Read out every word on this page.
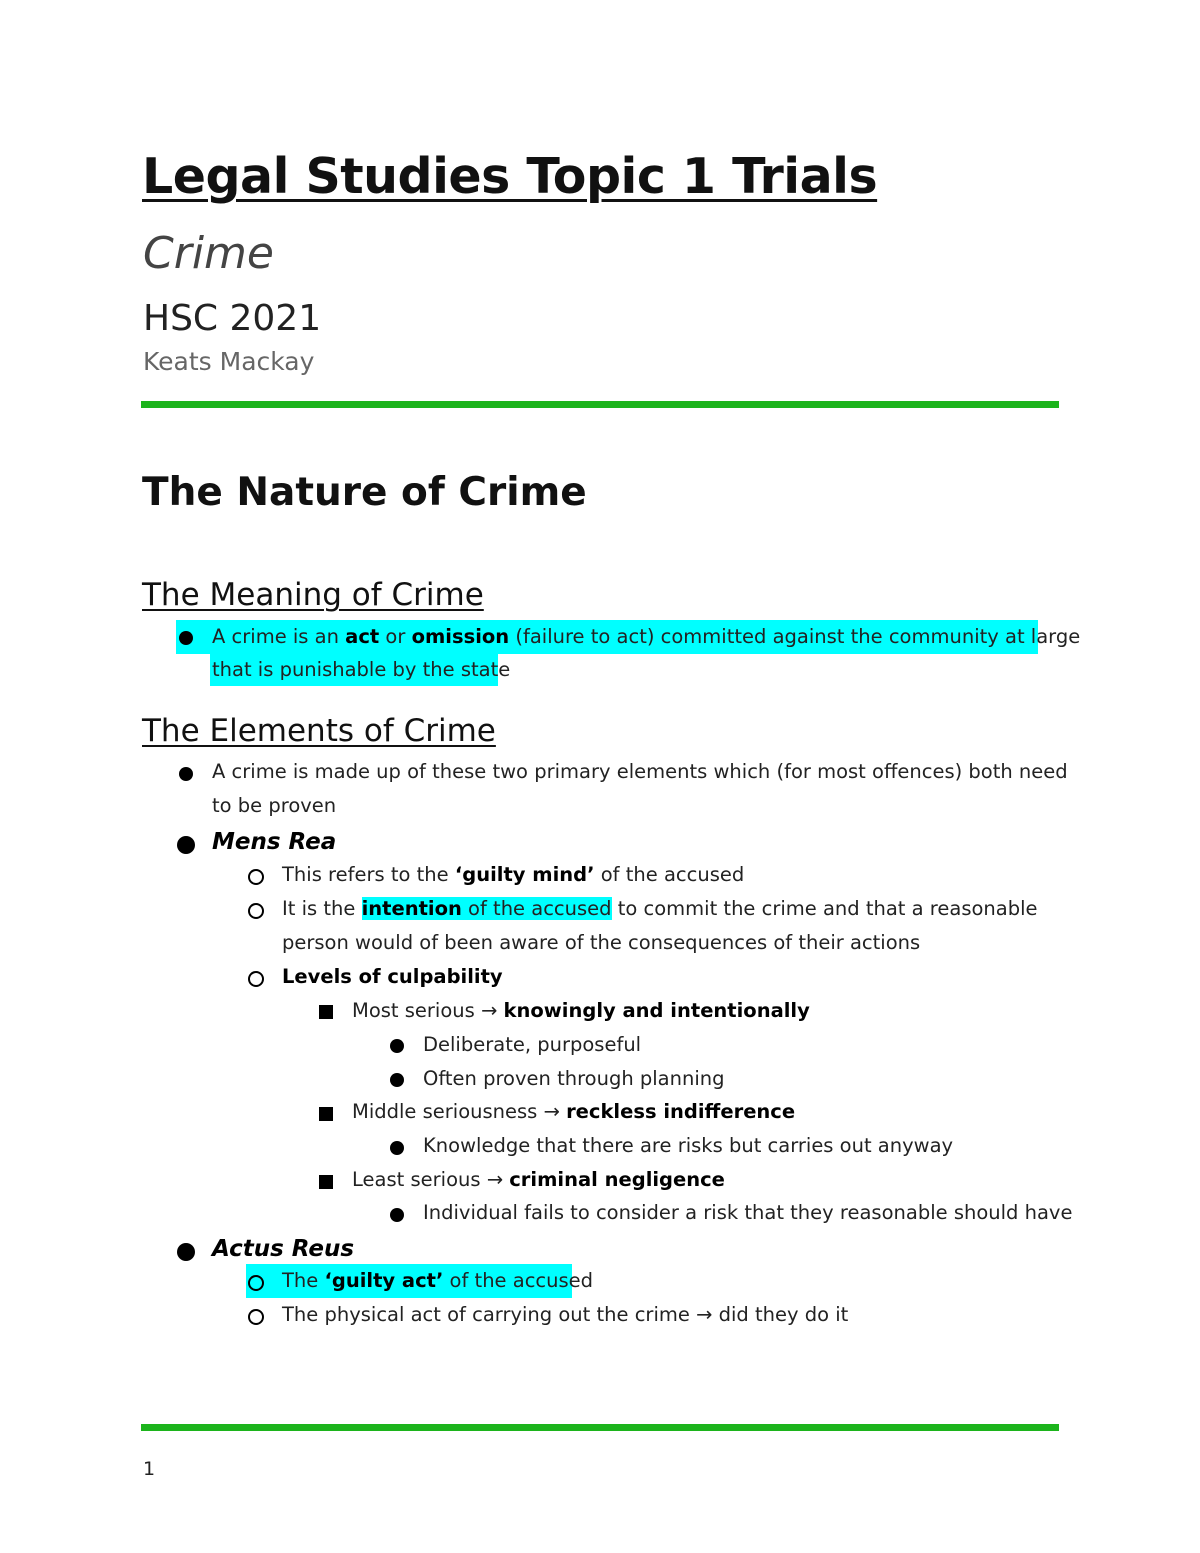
Legal Studies Topic 1 Trials
Crime
HSC 2021
Keats Mackay
The Nature of Crime
The Meaning of Crime
A crime is an act or omission (failure to act) committed against the community at large
that is punishable by the state
The Elements of Crime
A crime is made up of these two primary elements which (for most offences) both need
to be proven
Mens Rea
This refers to the ‘guilty mind’ of the accused
It is the intention of the accused to commit the crime and that a reasonable
person would of been aware of the consequences of their actions
Levels of culpability
Most serious → knowingly and intentionally
Deliberate, purposeful
Often proven through planning
Middle seriousness → reckless indifference
Knowledge that there are risks but carries out anyway
Least serious → criminal negligence
Individual fails to consider a risk that they reasonable should have
Actus Reus
The ‘guilty act’ of the accused
The physical act of carrying out the crime → did they do it
1
